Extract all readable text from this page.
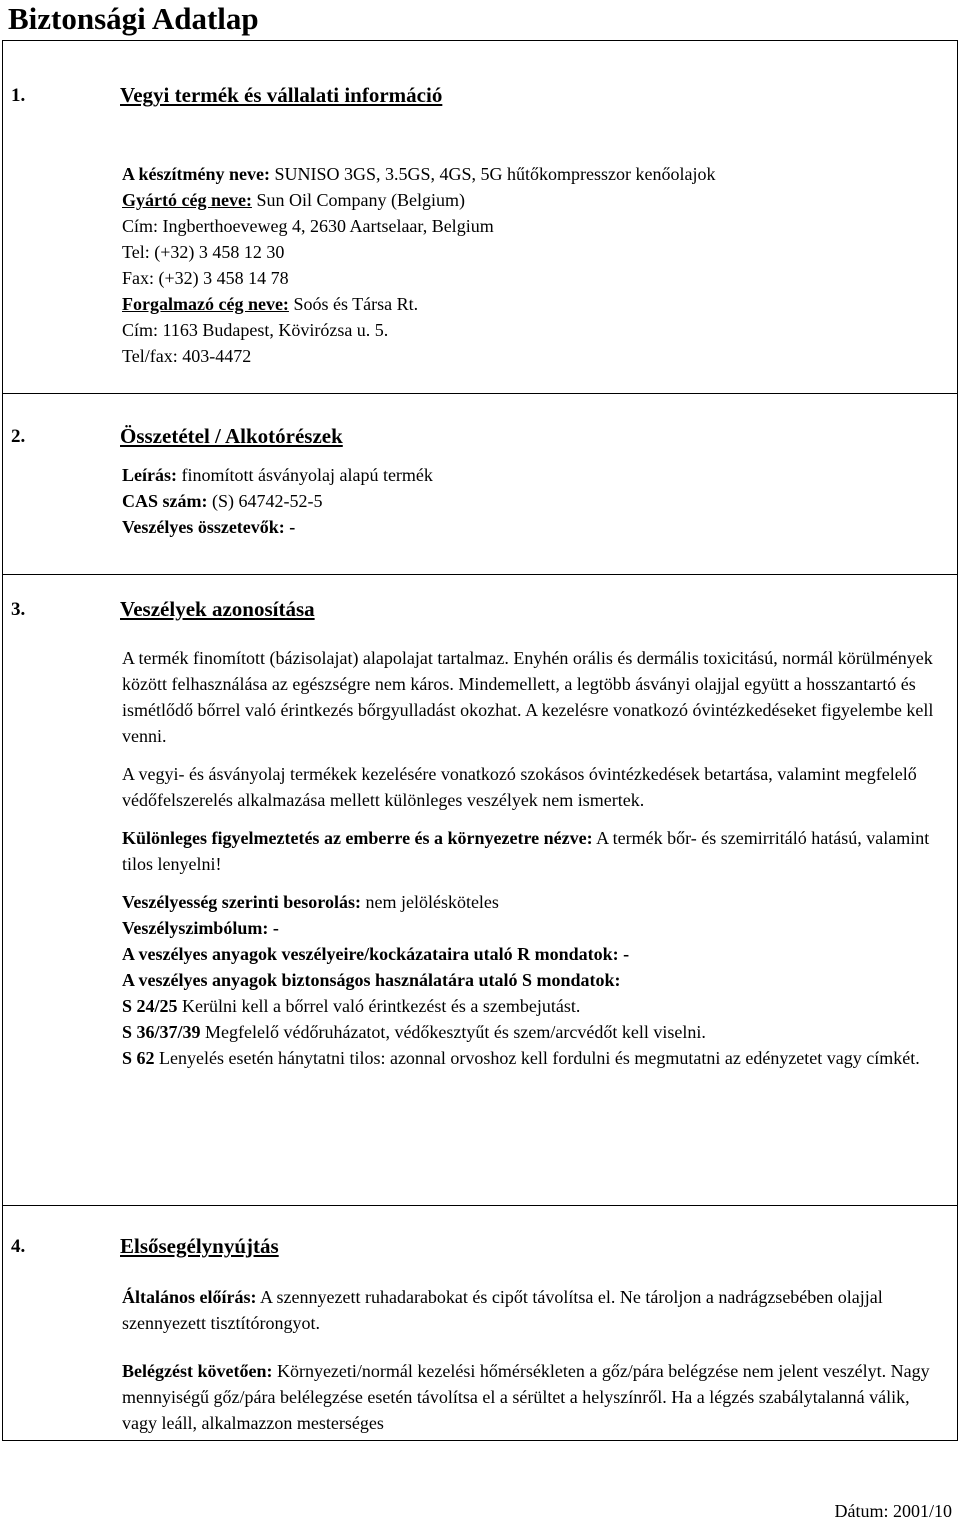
Biztonsági Adatlap
1.	Vegyi termék és vállalati információ

A készítmény neve: SUNISO 3GS, 3.5GS, 4GS, 5G hűtőkompresszor kenőolajok

Gyártó cég neve: Sun Oil Company (Belgium)

Cím: Ingberthoeveweg 4, 2630 Aartselaar, Belgium

Tel: (+32) 3 458 12 30

Fax: (+32) 3 458 14 78

Forgalmazó cég neve: Soós és Társa Rt.

Cím: 1163 Budapest, Kövirózsa u. 5.

Tel/fax: 403-4472

2.	Összetétel / Alkotórészek

Leírás: finomított ásványolaj alapú termék

CAS szám: (S) 64742-52-5

Veszélyes összetevők: -

3.	Veszélyek azonosítása

A termék finomított (bázisolajat) alapolajat tartalmaz. Enyhén orális és dermális toxicitású, normál körülmények között felhasználása az egészségre nem káros. Mindemellett, a legtöbb ásványi olajjal együtt a hosszantartó és ismétlődő bőrrel való érintkezés bőrgyulladást okozhat. A kezelésre vonatkozó óvintézkedéseket figyelembe kell venni.

A vegyi- és ásványolaj termékek kezelésére vonatkozó szokásos óvintézkedések betartása, valamint megfelelő védőfelszerelés alkalmazása mellett különleges veszélyek nem ismertek.

Különleges figyelmeztetés az emberre és a környezetre nézve: A termék bőr- és szemirritáló hatású, valamint tilos lenyelni!

Veszélyesség szerinti besorolás: nem jelölésköteles

Veszélyszimbólum: -

A veszélyes anyagok veszélyeire/kockázataira utaló R mondatok: -

A veszélyes anyagok biztonságos használatára utaló S mondatok:

S 24/25 Kerülni kell a bőrrel való érintkezést és a szembejutást.

S 36/37/39 Megfelelő védőruházatot, védőkesztyűt és szem/arcvédőt kell viselni.

S 62 Lenyelés esetén hánytatni tilos: azonnal orvoshoz kell fordulni és megmutatni az edényzetet vagy címkét.

4.	Elsősegélynyújtás

Általános előírás: A szennyezett ruhadarabokat és cipőt távolítsa el. Ne tároljon a nadrágzsebében olajjal szennyezett tisztítórongyot.

Belégzést követően: Környezeti/normál kezelési hőmérsékleten a gőz/pára belégzése nem jelent veszélyt. Nagy mennyiségű gőz/pára belélegzése esetén távolítsa el a sérültet a helyszínről. Ha a légzés szabálytalanná válik, vagy leáll, alkalmazzon mesterséges

Dátum: 2001/10
